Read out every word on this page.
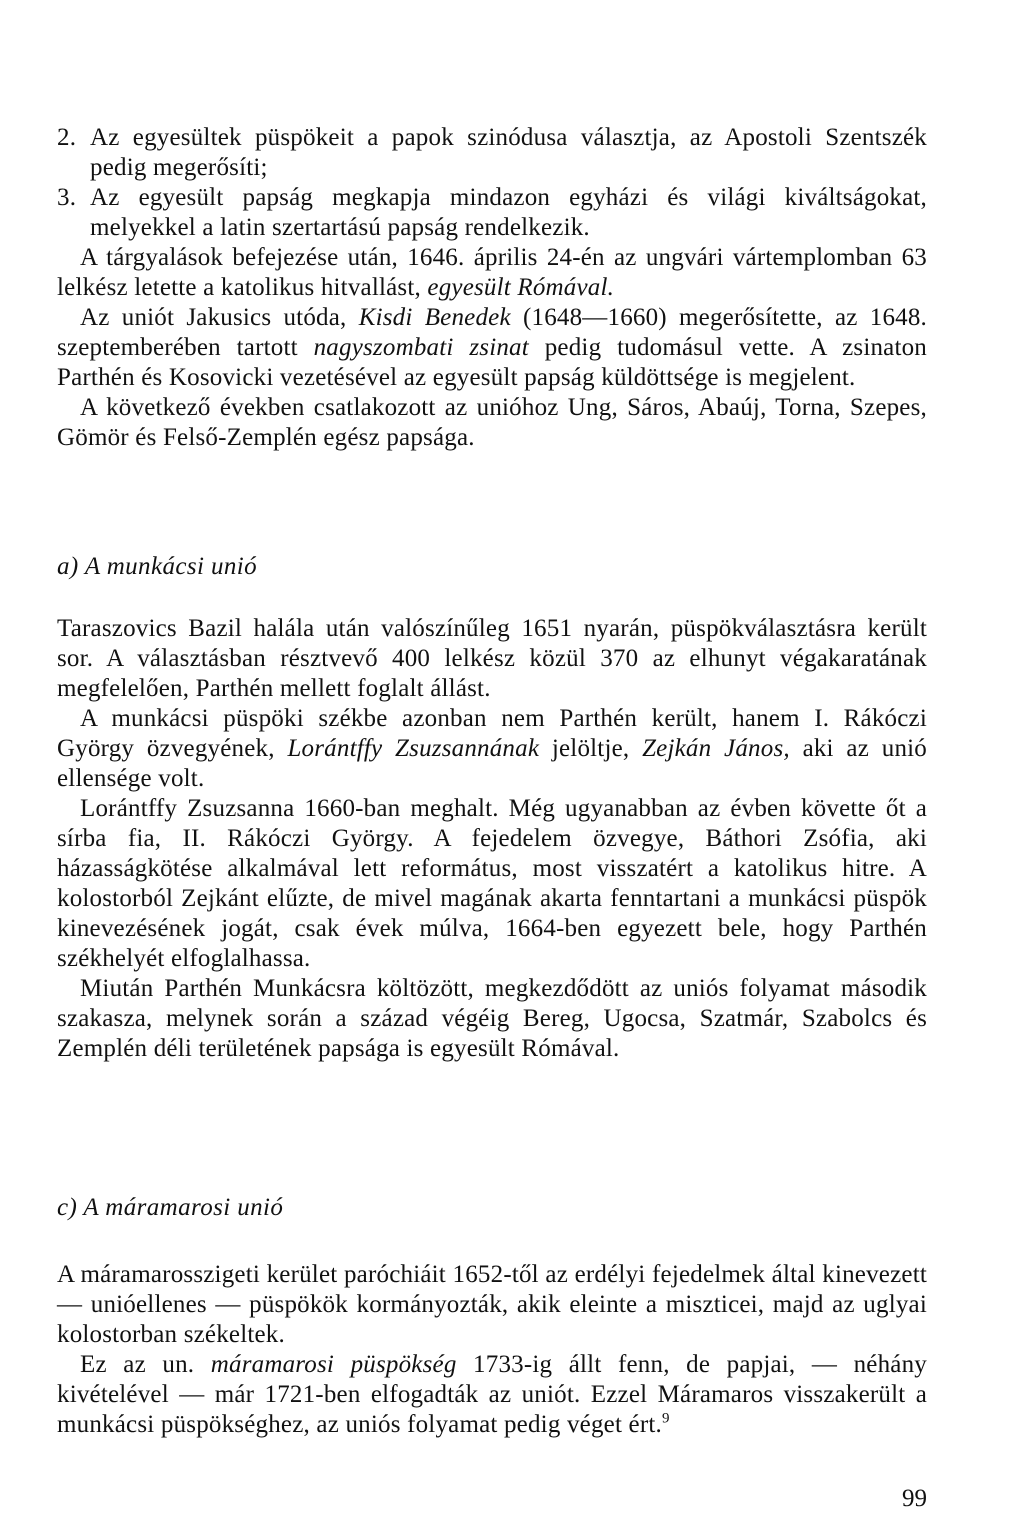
2. Az egyesültek püspökeit a papok szinódusa választja, az Apostoli Szentszék pedig megerősíti;
3. Az egyesült papság megkapja mindazon egyházi és világi kiváltságokat, melyekkel a latin szertartású papság rendelkezik.

A tárgyalások befejezése után, 1646. április 24-én az ungvári vártemplomban 63 lelkész letette a katolikus hitvallást, egyesült Rómával.

Az uniót Jakusics utóda, Kisdi Benedek (1648—1660) megerősítette, az 1648. szeptemberében tartott nagyszombati zsinat pedig tudomásul vette. A zsinaton Parthén és Kosovicki vezetésével az egyesült papság küldöttsége is megjelent.

A következő években csatlakozott az unióhoz Ung, Sáros, Abaúj, Torna, Szepes, Gömör és Felső-Zemplén egész papsága.

a) A munkácsi unió

Taraszovics Bazil halála után valószínűleg 1651 nyarán, püspökválasztásra került sor. A választásban résztvevő 400 lelkész közül 370 az elhunyt végakaratának megfelelően, Parthén mellett foglalt állást.

A munkácsi püspöki székbe azonban nem Parthén került, hanem I. Rákóczi György özvegyének, Lorántffy Zsuzsannának jelöltje, Zejkán János, aki az unió ellensége volt.

Lorántffy Zsuzsanna 1660-ban meghalt. Még ugyanabban az évben követte őt a sírba fia, II. Rákóczi György. A fejedelem özvegye, Báthori Zsófia, aki házasságkötése alkalmával lett református, most visszatért a katolikus hitre. A kolostorból Zejkánt elűzte, de mivel magának akarta fenntartani a munkácsi püspök kinevezésének jogát, csak évek múlva, 1664-ben egyezett bele, hogy Parthén székhelyét elfoglalhassa.

Miután Parthén Munkácsra költözött, megkezdődött az uniós folyamat második szakasza, melynek során a század végéig Bereg, Ugocsa, Szatmár, Szabolcs és Zemplén déli területének papsága is egyesült Rómával.

c) A máramarosi unió

A máramarosszigeti kerület paróchiáit 1652-től az erdélyi fejedelmek által kinevezett — unióellenes — püspökök kormányozták, akik eleinte a miszticei, majd az uglyai kolostorban székeltek.

Ez az un. máramarosi püspökség 1733-ig állt fenn, de papjai, — néhány kivételével — már 1721-ben elfogadták az uniót. Ezzel Máramaros visszakerült a munkácsi püspökséghez, az uniós folyamat pedig véget ért.$^9$

99
